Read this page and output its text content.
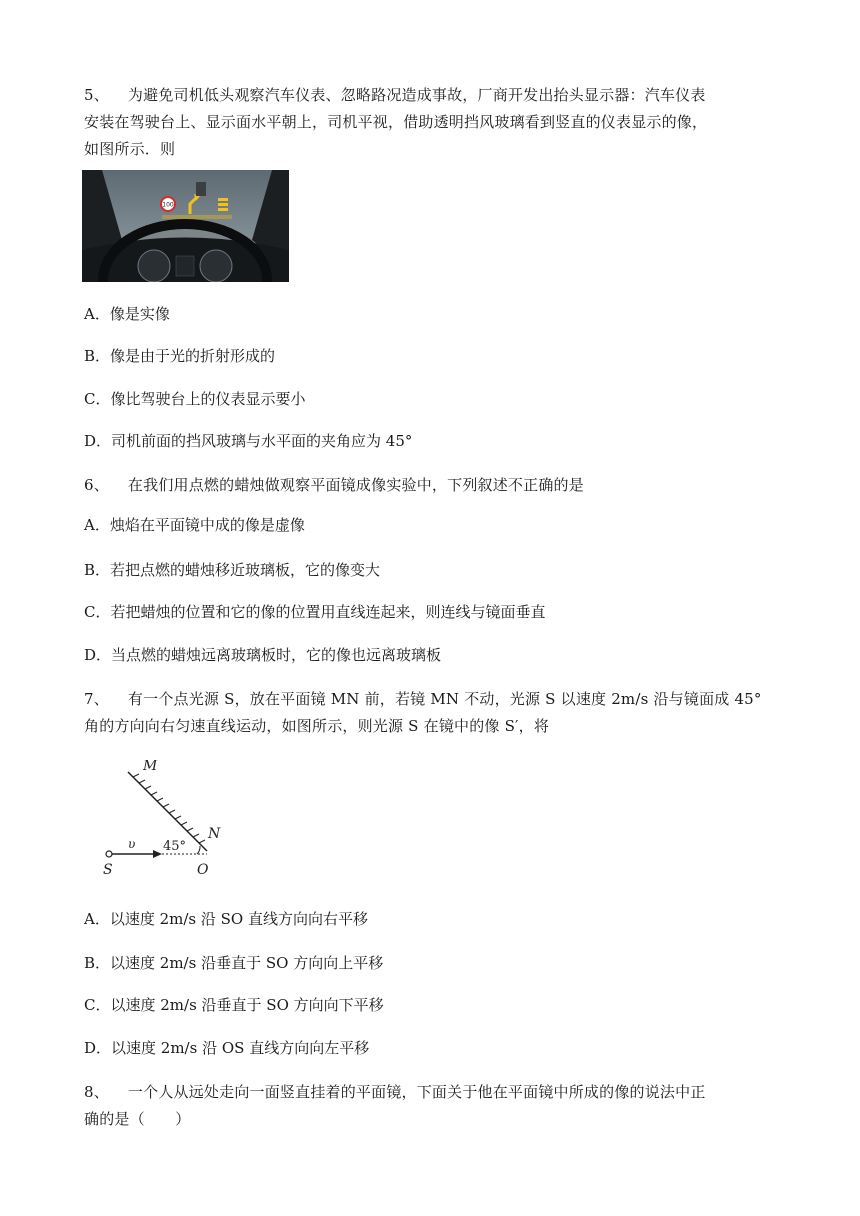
5、 为避免司机低头观察汽车仪表、忽略路况造成事故，厂商开发出抬头显示器：汽车仪表
安装在驾驶台上、显示面水平朝上，司机平视，借助透明挡风玻璃看到竖直的仪表显示的像，
如图所示．则

100

A．像是实像

B．像是由于光的折射形成的

C．像比驾驶台上的仪表显示要小

D．司机前面的挡风玻璃与水平面的夹角应为 45°

6、 在我们用点燃的蜡烛做观察平面镜成像实验中，下列叙述不正确的是

A．烛焰在平面镜中成的像是虚像

B．若把点燃的蜡烛移近玻璃板，它的像变大

C．若把蜡烛的位置和它的像的位置用直线连起来，则连线与镜面垂直

D．当点燃的蜡烛远离玻璃板时，它的像也远离玻璃板

7、 有一个点光源 S，放在平面镜 MN 前，若镜 MN 不动，光源 S 以速度 2m/s 沿与镜面成 45°
角的方向向右匀速直线运动，如图所示，则光源 S 在镜中的像 S′，将

M
N
S	O
υ 45°

A．以速度 2m/s 沿 SO 直线方向向右平移

B．以速度 2m/s 沿垂直于 SO 方向向上平移

C．以速度 2m/s 沿垂直于 SO 方向向下平移

D．以速度 2m/s 沿 OS 直线方向向左平移

8、 一个人从远处走向一面竖直挂着的平面镜，下面关于他在平面镜中所成的像的说法中正
确的是（　　）
